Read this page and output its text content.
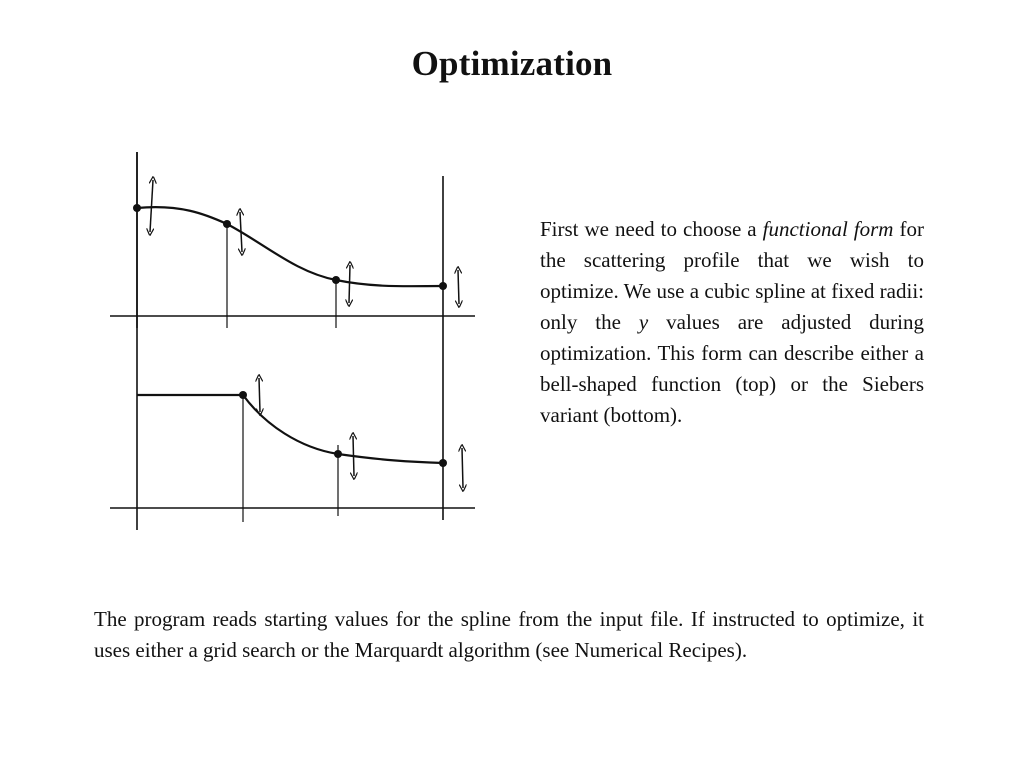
Optimization
First we need to choose a functional form for the scattering profile that we wish to optimize. We use a cubic spline at fixed radii: only the y values are adjusted during optimization. This form can describe either a bell-shaped function (top) or the Siebers variant (bottom).
The program reads starting values for the spline from the input file. If instructed to optimize, it uses either a grid search or the Marquardt algorithm (see Numerical Recipes).
